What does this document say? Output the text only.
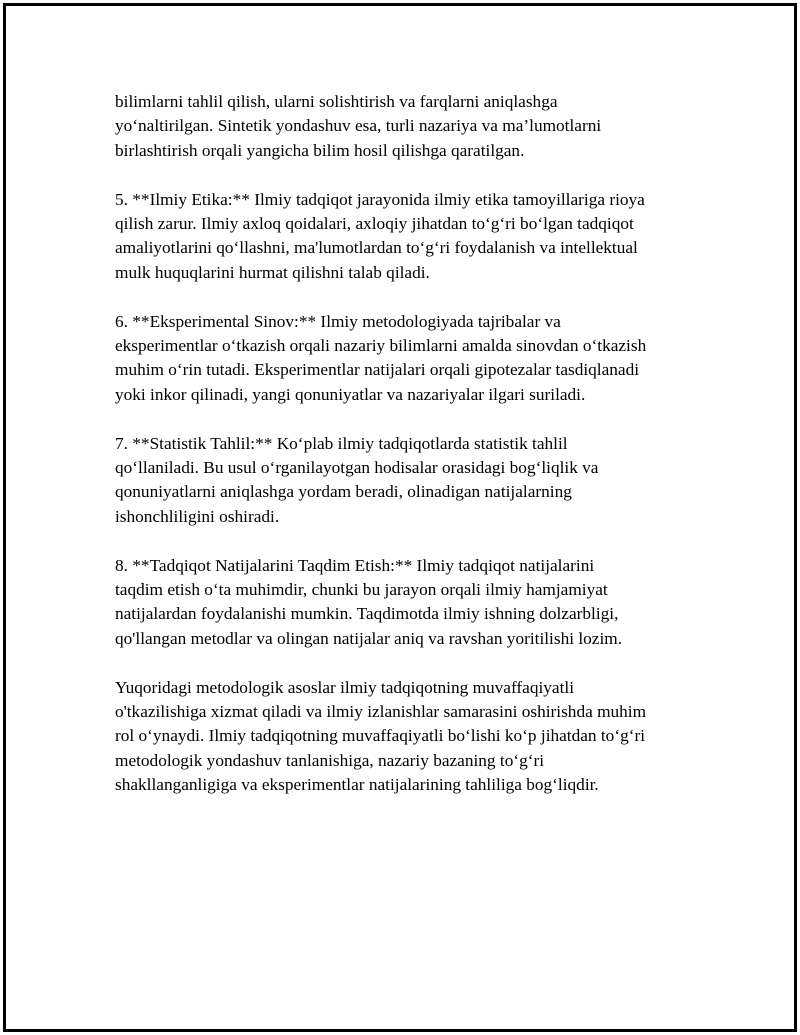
bilimlarni tahlil qilish, ularni solishtirish va farqlarni aniqlashga
yo‘naltirilgan. Sintetik yondashuv esa, turli nazariya va ma’lumotlarni
birlashtirish orqali yangicha bilim hosil qilishga qaratilgan.

5. **Ilmiy Etika:** Ilmiy tadqiqot jarayonida ilmiy etika tamoyillariga rioya
qilish zarur. Ilmiy axloq qoidalari, axloqiy jihatdan to‘g‘ri bo‘lgan tadqiqot
amaliyotlarini qo‘llashni, ma'lumotlardan to‘g‘ri foydalanish va intellektual
mulk huquqlarini hurmat qilishni talab qiladi.

6. **Eksperimental Sinov:** Ilmiy metodologiyada tajribalar va
eksperimentlar o‘tkazish orqali nazariy bilimlarni amalda sinovdan o‘tkazish
muhim o‘rin tutadi. Eksperimentlar natijalari orqali gipotezalar tasdiqlanadi
yoki inkor qilinadi, yangi qonuniyatlar va nazariyalar ilgari suriladi.

7. **Statistik Tahlil:** Ko‘plab ilmiy tadqiqotlarda statistik tahlil
qo‘llaniladi. Bu usul o‘rganilayotgan hodisalar orasidagi bog‘liqlik va
qonuniyatlarni aniqlashga yordam beradi, olinadigan natijalarning
ishonchliligini oshiradi.

8. **Tadqiqot Natijalarini Taqdim Etish:** Ilmiy tadqiqot natijalarini
taqdim etish o‘ta muhimdir, chunki bu jarayon orqali ilmiy hamjamiyat
natijalardan foydalanishi mumkin. Taqdimotda ilmiy ishning dolzarbligi,
qo'llangan metodlar va olingan natijalar aniq va ravshan yoritilishi lozim.

Yuqoridagi metodologik asoslar ilmiy tadqiqotning muvaffaqiyatli
o'tkazilishiga xizmat qiladi va ilmiy izlanishlar samarasini oshirishda muhim
rol o‘ynaydi. Ilmiy tadqiqotning muvaffaqiyatli bo‘lishi ko‘p jihatdan to‘g‘ri
metodologik yondashuv tanlanishiga, nazariy bazaning to‘g‘ri
shakllanganligiga va eksperimentlar natijalarining tahliliga bog‘liqdir.
